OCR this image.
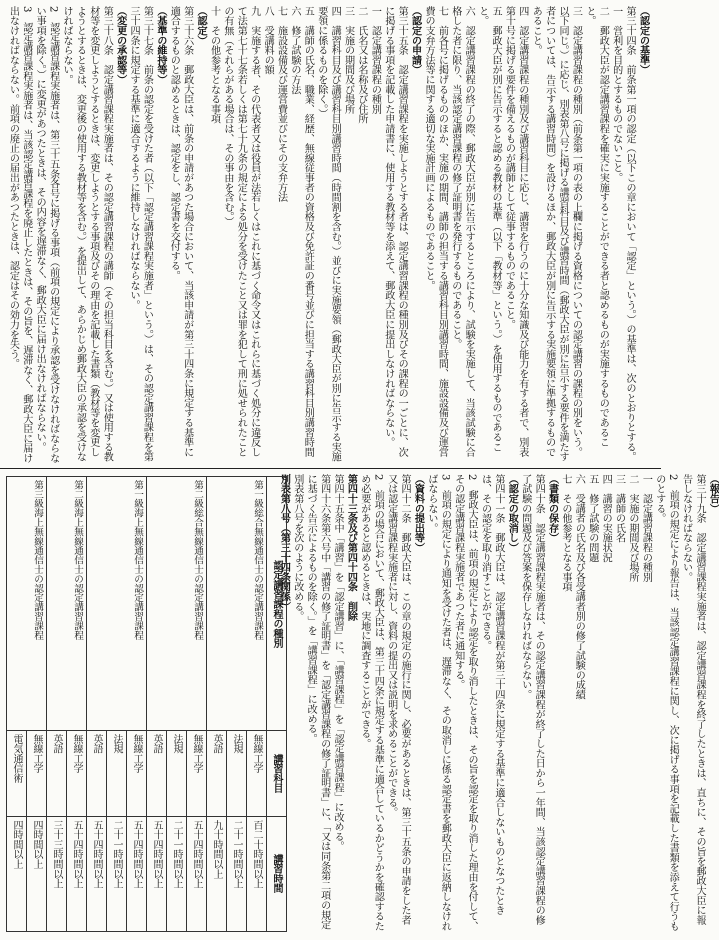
（認定の基準）
第三十四条　前条第一項の認定（以下この章において「認定」という。）の基準は、次のとおりとする。
一　営利を目的とするものでないこと。
二　郵政大臣が認定講習課程を確実に実施することができる者と認めるものが実施するものであること。
三　認定講習課程の種別（前条第一項の表の上欄に掲げる資格についての認定講習の課程の別をいう。以下同じ。）に応じ、別表第八号に掲げる講習科目及び講習時間（郵政大臣が別に告示する要件を満たす者については、告示する講習時間）を設けるほか、郵政大臣が別に告示する実施要領に準拠するものであること。
四　認定講習課程の種別及び講習科目に応じ、講習を行うのに十分な知識及び能力を有する者で、別表第十号に掲げる要件を備えるものが講師として従事するものであること。
五　郵政大臣が別に告示すると認める教材の基準（以下「教材等」という。）を使用するものであること。
六　認定講習課程の終了の際、郵政大臣が別に告示するところにより、試験を実施して、当該試験に合格した者に限り、当該認定講習課程の修了証明書を発行するものであること。
七　前各号に掲げるもののほか、実施の期間、講師の担当する講習科目別講習時間、施設設備及び運営費の支弁方法等に関する適切な実施計画によるものであること。
（認定の申請）
第三十五条　認定講習課程を実施しようとする者は、認定講習課程の種別及びその課程の一ごとに、次に掲げる事項を記載した申請書に、使用する教材等を添えて、郵政大臣に提出しなければならない。
一　認定講習課程の種別
二　氏名又は名称及び住所
三　実施の期間及び場所
四　講習科目及び講習科目別講習時間（時間割を含む。）並びに実施要領（郵政大臣が別に告示する実施要領に係るものを除く。）
五　講師の氏名、職業、経歴、無線従事者の資格及び免許証の番号並びに担当する講習科目別講習時間
六　修了試験の方法
七　施設設備及び運営費並びにその支弁方法
八　受講料の額
九　実施する者、その代表者又は役員が法若しくはこれに基づく命令又はこれらに基づく処分に違反して法第七十七条若しくは第七十九条の規定による処分を受けたこと又は罪を犯して刑に処せられたことの有無（それらがある場合は、その事由を含む。）
十　その他参考となる事項
（認定）
第三十六条　郵政大臣は、前条の申請があつた場合において、当該申請が第三十四条に規定する基準に適合するものと認めるときは、認定をし、認定書を交付する。
（基準の維持等）
第三十七条　前条の認定を受けた者（以下「認定講習課程実施者」という。）は、その認定講習課程を第三十四条に規定する基準に適合するように維持しなければならない。
（変更の承認等）
第三十八条　認定講習課程実施者は、その認定講習課程の講師（その担当科目を含む。）又は使用する教材等を変更しようとするときは、変更しようとする事項及びその理由を記載した書類（教材等を変更しようとするときは、変更後の使用する教材等を含む。）を提出して、あらかじめ郵政大臣の承認を受けなければならない。
2　認定講習課程実施者は、第三十五条各号に掲げる事項（前項の規定により承認を受けなければならない事項を除く。）に変更があつたときは、その内容を遅滞なく、郵政大臣に届け出なければならない。
3　認定講習課程実施者は、当該認定講習課程を廃止したときは、その旨を、遅滞なく、郵政大臣に届け出なければならない。前項の廃止の届出があつたときは、認定はその効力を失う。
（報告）
第三十九条　認定講習課程実施者は、認定講習課程を終了したときは、直ちに、その旨を郵政大臣に報告しなければならない。
2　前項の規定により報告は、当該認定講習課程に関し、次に掲げる事項を記載した書類を添えて行うものとする。
一　認定講習課程の種別
二　実施の期間及び場所
三　講師の氏名
四　講習の実施状況
五　修了試験の問題
六　受講者の氏名及び各受講者別の修了試験の成績
七　その他参考となる事項
（書類の保存）
第四十条　認定講習課程実施者は、その認定講習課程が終了した日から一年間、当該認定講習課程の修了試験の問題及び答案を保存しなければならない。
（認定の取消し）
第四十一条　郵政大臣は、認定講習課程が第三十四条に規定する基準に適合しないものとなつたときは、その認定を取り消すことができる。
2　郵政大臣は、前項の規定により認定を取り消したときは、その旨を認定を取り消した理由を付して、その認定講習課程実施者であつた者に通知する。
3　前項の規定により通知を受けた者は、遅滞なく、その取消しに係る認定書を郵政大臣に返納しなければならない。
（資料の提出等）
第四十二条　郵政大臣は、この章の規定の施行に関し、必要があるときは、第三十五条の申請をした者又は認定講習課程実施者に対し、資料の提出又は説明を求めることができる。
2　前項の場合において、郵政大臣は、第三十四条に規定する基準に適合しているかどうかを確認するため必要があると認めるときは、実地に調査することができる。
第四十三条及び第四十四条　削除
第四十五条中「講習」を「認定講習」に、「講習課程」を「認定講習課程」に改める。
第四十六条第六号中「講習の修了証明書」を「認定講習課程の修了証明書」に、「又は同条第二項の規定に基づく告示によるものを除く。」を「講習課程」に改める。
別表第八号を次のように改める。
別表第八号（第三十四条関係）
認定講習課程の種別	講習科目	講習時間
第一級総合無線通信士の認定講習課程	無線工学	百二十時間以上
法規	二十一時間以上
英語	九十時間以上
第二級総合無線通信士の認定講習課程	無線工学	五十四時間以上
法規	二十一時間以上
英語	五十四時間以上
第一級海上無線通信士の認定講習課程	無線工学	五十四時間以上
法規	二十一時間以上
英語	五十四時間以上
第二級海上無線通信士の認定講習課程	無線工学	五十四時間以上
英語	三十三時間以上
第三級海上無線通信士の認定講習課程	無線工学	四時間以上
電気通信術	四時間以上
